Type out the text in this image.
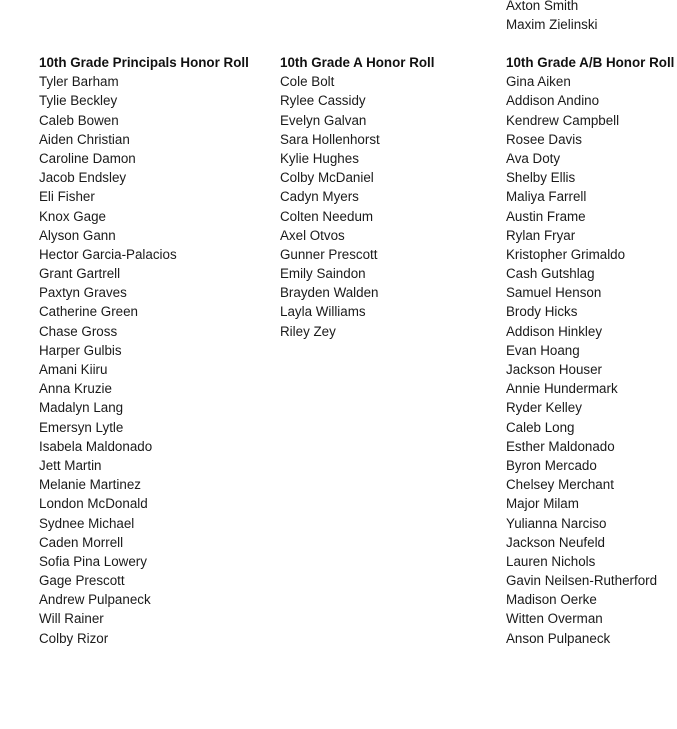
Axton Smith
Maxim Zielinski
10th Grade Principals Honor Roll
Tyler Barham
Tylie Beckley
Caleb Bowen
Aiden Christian
Caroline Damon
Jacob Endsley
Eli Fisher
Knox Gage
Alyson Gann
Hector Garcia-Palacios
Grant Gartrell
Paxtyn Graves
Catherine Green
Chase Gross
Harper Gulbis
Amani Kiiru
Anna Kruzie
Madalyn Lang
Emersyn Lytle
Isabela Maldonado
Jett Martin
Melanie Martinez
London McDonald
Sydnee Michael
Caden Morrell
Sofia Pina Lowery
Gage Prescott
Andrew Pulpaneck
Will Rainer
Colby Rizor
10th Grade A Honor Roll
Cole Bolt
Rylee Cassidy
Evelyn Galvan
Sara Hollenhorst
Kylie Hughes
Colby McDaniel
Cadyn Myers
Colten Needum
Axel Otvos
Gunner Prescott
Emily Saindon
Brayden Walden
Layla Williams
Riley Zey
10th Grade A/B Honor Roll
Gina Aiken
Addison Andino
Kendrew Campbell
Rosee Davis
Ava Doty
Shelby Ellis
Maliya Farrell
Austin Frame
Rylan Fryar
Kristopher Grimaldo
Cash Gutshlag
Samuel Henson
Brody Hicks
Addison Hinkley
Evan Hoang
Jackson Houser
Annie Hundermark
Ryder Kelley
Caleb Long
Esther Maldonado
Byron Mercado
Chelsey Merchant
Major Milam
Yulianna Narciso
Jackson Neufeld
Lauren Nichols
Gavin Neilsen-Rutherford
Madison Oerke
Witten Overman
Anson Pulpaneck
